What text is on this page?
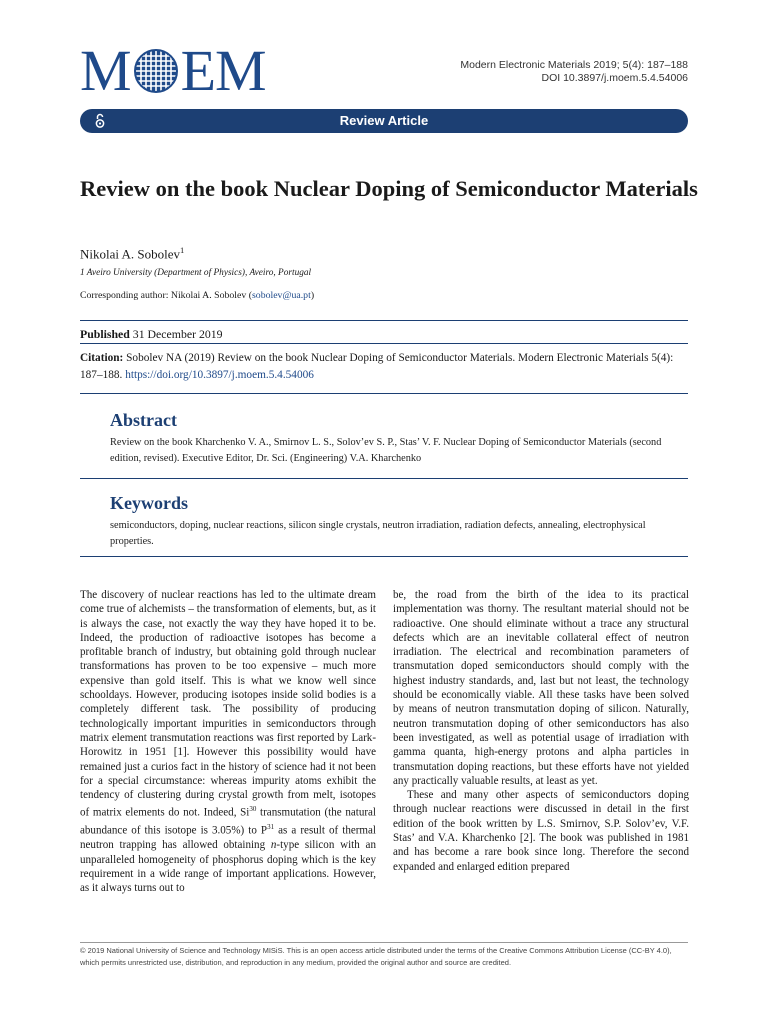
M EM	Modern Electronic Materials 2019; 5(4): 187–188
DOI 10.3897/j.moem.5.4.54006
Review Article
Review on the book Nuclear Doping of Semiconductor Materials
Nikolai A. Sobolev$^1$
1 Aveiro University (Department of Physics), Aveiro, Portugal
Corresponding author: Nikolai A. Sobolev (sobolev@ua.pt)
Published 31 December 2019
Citation: Sobolev NA (2019) Review on the book Nuclear Doping of Semiconductor Materials. Modern Electronic Materials 5(4): 187–188. https://doi.org/10.3897/j.moem.5.4.54006
Abstract
Review on the book Kharchenko V. A., Smirnov L. S., Solov’ev S. P., Stas’ V. F. Nuclear Doping of Semiconductor Materials (second edition, revised). Executive Editor, Dr. Sci. (Engineering) V.A. Kharchenko
Keywords
semiconductors, doping, nuclear reactions, silicon single crystals, neutron irradiation, radiation defects, annealing, electrophysical properties.

The discovery of nuclear reactions has led to the ultimate dream come true of alchemists – the transformation of elements, but, as it is always the case, not exactly the way they have hoped it to be. Indeed, the production of radioactive isotopes has become a profitable branch of industry, but obtaining gold through nuclear transformations has proven to be too expensive – much more expensive than gold itself. This is what we know well since schooldays. However, producing isotopes inside solid bodies is a completely different task. The possibility of producing technologically important impurities in semiconductors through matrix element transmutation reactions was first reported by Lark-Horowitz in 1951 [1]. However this possibility would have remained just a curios fact in the history of science had it not been for a special circumstance: whereas impurity atoms exhibit the tendency of clustering during crystal growth from melt, isotopes of matrix elements do not. Indeed, Si$^{30}$ transmutation (the natural abundance of this isotope is 3.05%) to $P^{31}$ as a result of thermal neutron trapping has allowed obtaining n-type silicon with an unparalleled homogeneity of phosphorus doping which is the key requirement in a wide range of important applications. However, as it always turns out to

be, the road from the birth of the idea to its practical implementation was thorny. The resultant material should not be radioactive. One should eliminate without a trace any structural defects which are an inevitable collateral effect of neutron irradiation. The electrical and recombination parameters of transmutation doped semiconductors should comply with the highest industry standards, and, last but not least, the technology should be economically viable. All these tasks have been solved by means of neutron transmutation doping of silicon. Naturally, neutron transmutation doping of other semiconductors has also been investigated, as well as potential usage of irradiation with gamma quanta, high-energy protons and alpha particles in transmutation doping reactions, but these efforts have not yielded any practically valuable results, at least as yet.

These and many other aspects of semiconductors doping through nuclear reactions were discussed in detail in the first edition of the book written by L.S. Smirnov, S.P. Solov’ev, V.F. Stas’ and V.A. Kharchenko [2]. The book was published in 1981 and has become a rare book since long. Therefore the second expanded and enlarged edition prepared

© 2019 National University of Science and Technology MISiS. This is an open access article distributed under the terms of the Creative Commons Attribution License (CC-BY 4.0), which permits unrestricted use, distribution, and reproduction in any medium, provided the original author and source are credited.
